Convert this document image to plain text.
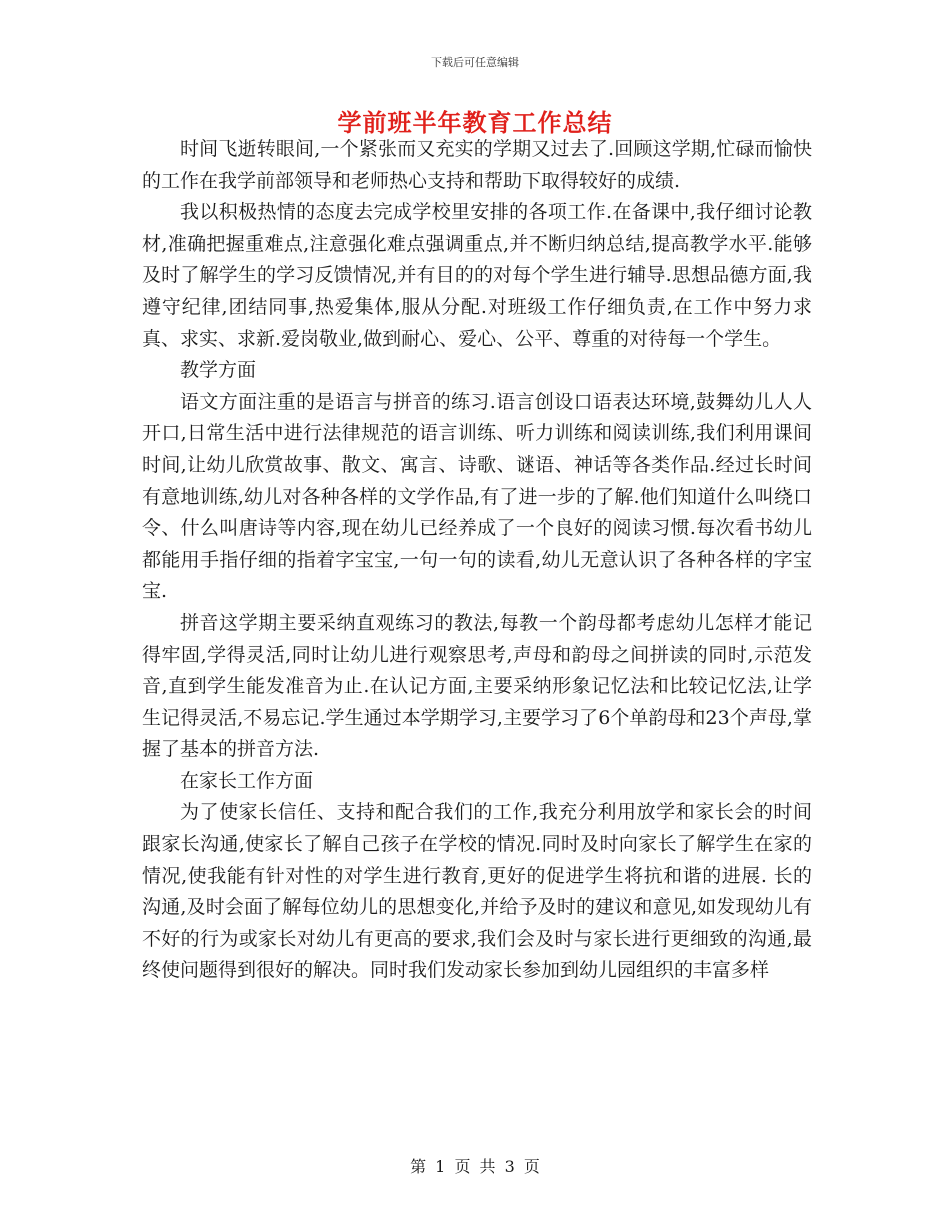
下载后可任意编辑
学前班半年教育工作总结

时间飞逝转眼间,一个紧张而又充实的学期又过去了.回顾这学期,忙碌而愉快的工作在我学前部领导和老师热心支持和帮助下取得较好的成绩.

我以积极热情的态度去完成学校里安排的各项工作.在备课中,我仔细讨论教材,准确把握重难点,注意强化难点强调重点,并不断归纳总结,提高教学水平.能够及时了解学生的学习反馈情况,并有目的的对每个学生进行辅导.思想品德方面,我遵守纪律,团结同事,热爱集体,服从分配.对班级工作仔细负责,在工作中努力求真、求实、求新.爱岗敬业,做到耐心、爱心、公平、尊重的对待每一个学生。

教学方面

语文方面注重的是语言与拼音的练习.语言创设口语表达环境,鼓舞幼儿人人开口,日常生活中进行法律规范的语言训练、听力训练和阅读训练,我们利用课间时间,让幼儿欣赏故事、散文、寓言、诗歌、谜语、神话等各类作品.经过长时间有意地训练,幼儿对各种各样的文学作品,有了进一步的了解.他们知道什么叫绕口令、什么叫唐诗等内容,现在幼儿已经养成了一个良好的阅读习惯.每次看书幼儿都能用手指仔细的指着字宝宝,一句一句的读看,幼儿无意认识了各种各样的字宝宝.

拼音这学期主要采纳直观练习的教法,每教一个韵母都考虑幼儿怎样才能记得牢固,学得灵活,同时让幼儿进行观察思考,声母和韵母之间拼读的同时,示范发音,直到学生能发准音为止.在认记方面,主要采纳形象记忆法和比较记忆法,让学生记得灵活,不易忘记.学生通过本学期学习,主要学习了6个单韵母和23个声母,掌握了基本的拼音方法.

在家长工作方面

为了使家长信任、支持和配合我们的工作,我充分利用放学和家长会的时间跟家长沟通,使家长了解自己孩子在学校的情况.同时及时向家长了解学生在家的情况,使我能有针对性的对学生进行教育,更好的促进学生将抗和谐的进展. 长的沟通,及时会面了解每位幼儿的思想变化,并给予及时的建议和意见,如发现幼儿有不好的行为或家长对幼儿有更高的要求,我们会及时与家长进行更细致的沟通,最终使问题得到很好的解决。同时我们发动家长参加到幼儿园组织的丰富多样

第 1 页 共 3 页
